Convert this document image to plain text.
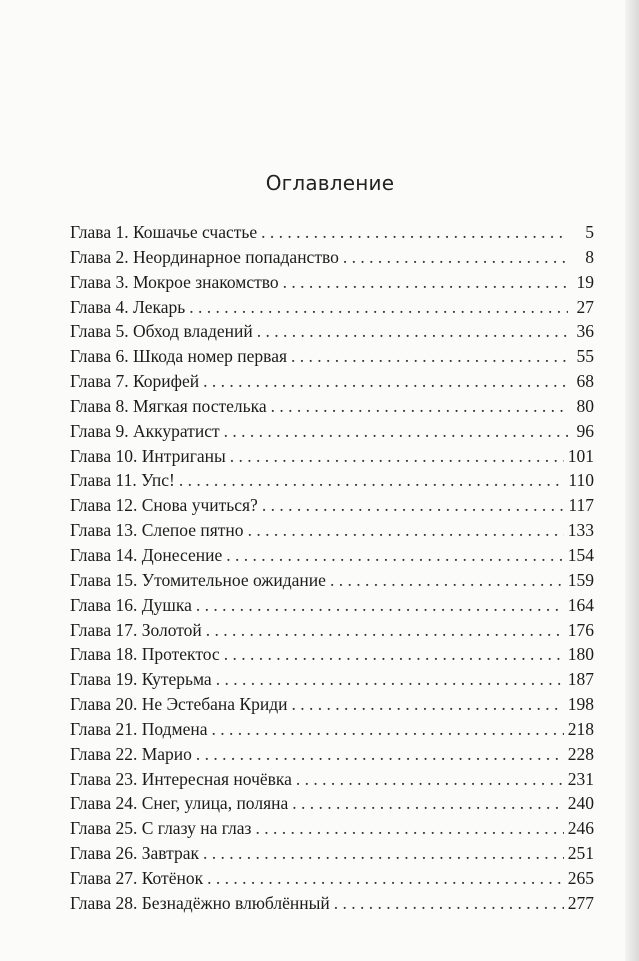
Оглавление
Глава 1. Кошачье счастье . . .	5
Глава 2. Неординарное попаданство . . .	8
Глава 3. Мокрое знакомство . . .	19
Глава 4. Лекарь . . .	27
Глава 5. Обход владений . . .	36
Глава 6. Шкода номер первая . . .	55
Глава 7. Корифей . . .	68
Глава 8. Мягкая постелька . . .	80
Глава 9. Аккуратист . . .	96
Глава 10. Интриганы . . .	101
Глава 11. Упс! . . .	110
Глава 12. Снова учиться? . . .	117
Глава 13. Слепое пятно . . .	133
Глава 14. Донесение . . .	154
Глава 15. Утомительное ожидание . . .	159
Глава 16. Душка . . .	164
Глава 17. Золотой . . .	176
Глава 18. Протектос . . .	180
Глава 19. Кутерьма . . .	187
Глава 20. Не Эстебана Криди . . .	198
Глава 21. Подмена . . .	218
Глава 22. Марио . . .	228
Глава 23. Интересная ночёвка . . .	231
Глава 24. Снег, улица, поляна . . .	240
Глава 25. С глазу на глаз . . .	246
Глава 26. Завтрак . . .	251
Глава 27. Котёнок . . .	265
Глава 28. Безнадёжно влюблённый . . .	277
